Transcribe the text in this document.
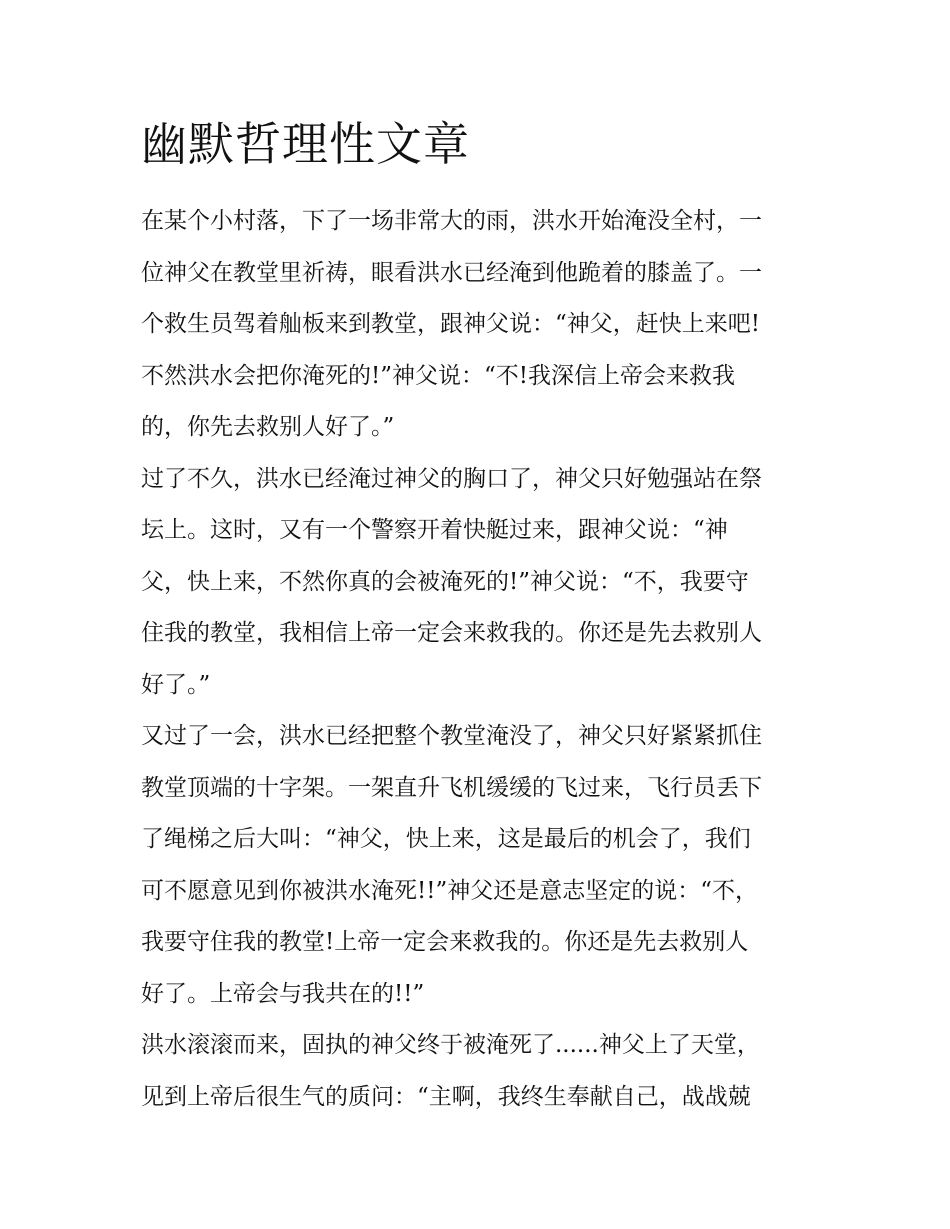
幽默哲理性文章
在某个小村落，下了一场非常大的雨，洪水开始淹没全村，一
位神父在教堂里祈祷，眼看洪水已经淹到他跪着的膝盖了。一
个救生员驾着舢板来到教堂，跟神父说：“神父，赶快上来吧!
不然洪水会把你淹死的!”神父说：“不!我深信上帝会来救我
的，你先去救别人好了。”
过了不久，洪水已经淹过神父的胸口了，神父只好勉强站在祭
坛上。这时，又有一个警察开着快艇过来，跟神父说：“神
父，快上来，不然你真的会被淹死的!”神父说：“不，我要守
住我的教堂，我相信上帝一定会来救我的。你还是先去救别人
好了。”
又过了一会，洪水已经把整个教堂淹没了，神父只好紧紧抓住
教堂顶端的十字架。一架直升飞机缓缓的飞过来，飞行员丢下
了绳梯之后大叫：“神父，快上来，这是最后的机会了，我们
可不愿意见到你被洪水淹死!!”神父还是意志坚定的说：“不，
我要守住我的教堂!上帝一定会来救我的。你还是先去救别人
好了。上帝会与我共在的!!”
洪水滚滚而来，固执的神父终于被淹死了......神父上了天堂，
见到上帝后很生气的质问：“主啊，我终生奉献自己，战战兢
